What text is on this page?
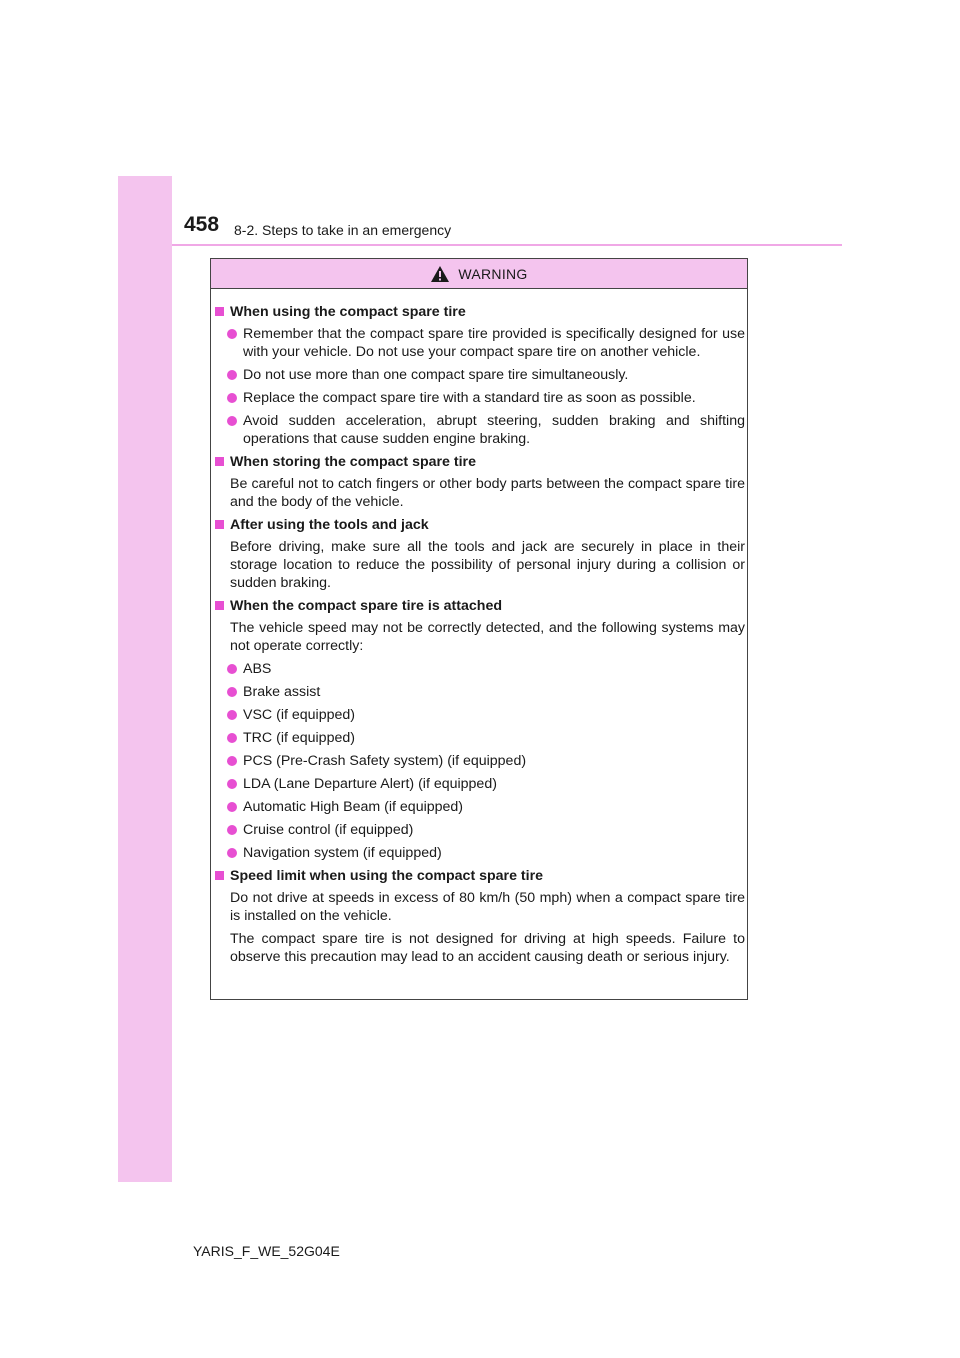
458 8-2. Steps to take in an emergency
WARNING
When using the compact spare tire
Remember that the compact spare tire provided is specifically designed for use with your vehicle. Do not use your compact spare tire on another vehicle.
Do not use more than one compact spare tire simultaneously.
Replace the compact spare tire with a standard tire as soon as possible.
Avoid sudden acceleration, abrupt steering, sudden braking and shifting operations that cause sudden engine braking.
When storing the compact spare tire
Be careful not to catch fingers or other body parts between the compact spare tire and the body of the vehicle.
After using the tools and jack
Before driving, make sure all the tools and jack are securely in place in their storage location to reduce the possibility of personal injury during a collision or sudden braking.
When the compact spare tire is attached
The vehicle speed may not be correctly detected, and the following systems may not operate correctly:
ABS
Brake assist
VSC (if equipped)
TRC (if equipped)
PCS (Pre-Crash Safety system) (if equipped)
LDA (Lane Departure Alert) (if equipped)
Automatic High Beam (if equipped)
Cruise control (if equipped)
Navigation system (if equipped)
Speed limit when using the compact spare tire
Do not drive at speeds in excess of 80 km/h (50 mph) when a compact spare tire is installed on the vehicle.
The compact spare tire is not designed for driving at high speeds. Failure to observe this precaution may lead to an accident causing death or serious injury.
YARIS_F_WE_52G04E
